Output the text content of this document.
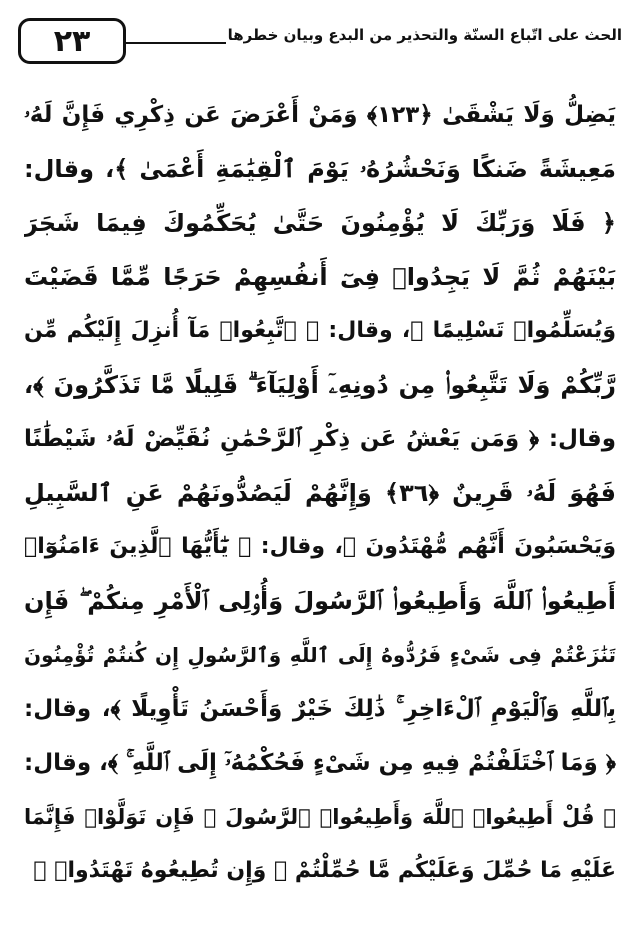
٢٣	الحث على اتّباع السنّة والتحذير من البدع وبيان خطرها
يَضِلُّ وَلَا يَشْقَىٰ ﴿١٢٣﴾ وَمَنْ أَعْرَضَ عَن ذِكْرِي فَإِنَّ لَهُۥ
مَعِيشَةً ضَنكًا وَنَحْشُرُهُۥ يَوْمَ ٱلْقِيَٰمَةِ أَعْمَىٰ ﴾، وقال:
﴿ فَلَا وَرَبِّكَ لَا يُؤْمِنُونَ حَتَّىٰ يُحَكِّمُوكَ فِيمَا شَجَرَ
بَيْنَهُمْ ثُمَّ لَا يَجِدُوا۟ فِىٓ أَنفُسِهِمْ حَرَجًا مِّمَّا قَضَيْتَ
وَيُسَلِّمُوا۟ تَسْلِيمًا ﴾، وقال: ﴿ ٱتَّبِعُوا۟ مَآ أُنزِلَ إِلَيْكُم مِّن
رَّبِّكُمْ وَلَا تَتَّبِعُوا۟ مِن دُونِهِۦٓ أَوْلِيَآءَ ۗ قَلِيلًا مَّا تَذَكَّرُونَ ﴾،
وقال: ﴿ وَمَن يَعْشُ عَن ذِكْرِ ٱلرَّحْمَٰنِ نُقَيِّضْ لَهُۥ شَيْطَٰنًا
فَهُوَ لَهُۥ قَرِينٌ ﴿٣٦﴾ وَإِنَّهُمْ لَيَصُدُّونَهُمْ عَنِ ٱلسَّبِيلِ
وَيَحْسَبُونَ أَنَّهُم مُّهْتَدُونَ ﴾، وقال: ﴿ يَٰٓأَيُّهَا ٱلَّذِينَ ءَامَنُوٓا۟
أَطِيعُوا۟ ٱللَّهَ وَأَطِيعُوا۟ ٱلرَّسُولَ وَأُو۟لِى ٱلْأَمْرِ مِنكُمْ ۖ فَإِن
تَنَٰزَعْتُمْ فِى شَىْءٍ فَرُدُّوهُ إِلَى ٱللَّهِ وَٱلرَّسُولِ إِن كُنتُمْ تُؤْمِنُونَ
بِٱللَّهِ وَٱلْيَوْمِ ٱلْءَاخِرِ ۚ ذَٰلِكَ خَيْرٌ وَأَحْسَنُ تَأْوِيلًا ﴾، وقال:
﴿ وَمَا ٱخْتَلَفْتُمْ فِيهِ مِن شَىْءٍ فَحُكْمُهُۥٓ إِلَى ٱللَّهِ ۚ ﴾، وقال:
﴿ قُلْ أَطِيعُوا۟ ٱللَّهَ وَأَطِيعُوا۟ ٱلرَّسُولَ ۖ فَإِن تَوَلَّوْا۟ فَإِنَّمَا
عَلَيْهِ مَا حُمِّلَ وَعَلَيْكُم مَّا حُمِّلْتُمْ ۖ وَإِن تُطِيعُوهُ تَهْتَدُوا۟ ۚ
